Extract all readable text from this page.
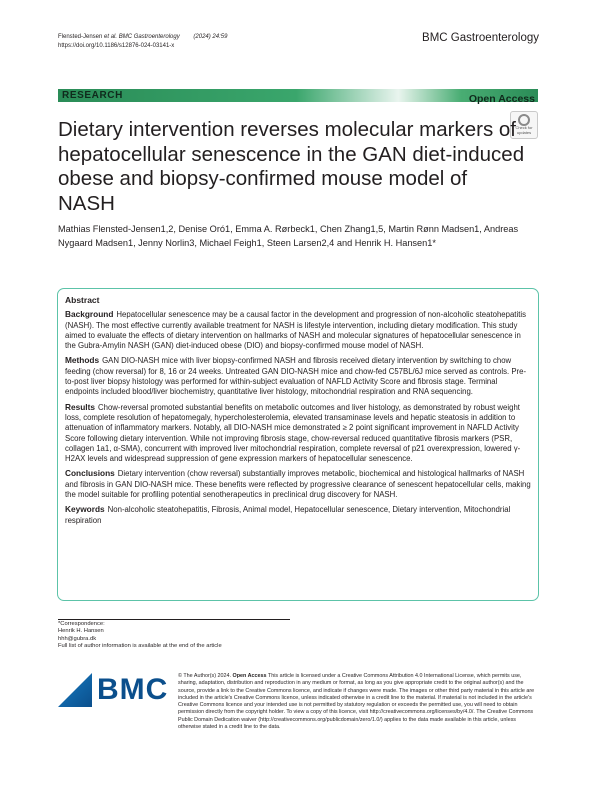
Flensted-Jensen et al. BMC Gastroenterology (2024) 24:59
https://doi.org/10.1186/s12876-024-03141-x
BMC Gastroenterology
RESEARCH	Open Access
Check for
updates
Dietary intervention reverses molecular markers of hepatocellular senescence in the GAN diet-induced obese and biopsy-confirmed mouse model of NASH
Mathias Flensted-Jensen1,2, Denise Oró1, Emma A. Rørbeck1, Chen Zhang1,5, Martin Rønn Madsen1, Andreas Nygaard Madsen1, Jenny Norlin3, Michael Feigh1, Steen Larsen2,4 and Henrik H. Hansen1*
Abstract

Background Hepatocellular senescence may be a causal factor in the development and progression of non-alcoholic steatohepatitis (NASH). The most effective currently available treatment for NASH is lifestyle intervention, including dietary modification. This study aimed to evaluate the effects of dietary intervention on hallmarks of NASH and molecular signatures of hepatocellular senescence in the Gubra-Amylin NASH (GAN) diet-induced obese (DIO) and biopsy-confirmed mouse model of NASH.

Methods GAN DIO-NASH mice with liver biopsy-confirmed NASH and fibrosis received dietary intervention by switching to chow feeding (chow reversal) for 8, 16 or 24 weeks. Untreated GAN DIO-NASH mice and chow-fed C57BL/6J mice served as controls. Pre-to-post liver biopsy histology was performed for within-subject evaluation of NAFLD Activity Score and fibrosis stage. Terminal endpoints included blood/liver biochemistry, quantitative liver histology, mitochondrial respiration and RNA sequencing.

Results Chow-reversal promoted substantial benefits on metabolic outcomes and liver histology, as demonstrated by robust weight loss, complete resolution of hepatomegaly, hypercholesterolemia, elevated transaminase levels and hepatic steatosis in addition to attenuation of inflammatory markers. Notably, all DIO-NASH mice demonstrated ≥ 2 point significant improvement in NAFLD Activity Score following dietary intervention. While not improving fibrosis stage, chow-reversal reduced quantitative fibrosis markers (PSR, collagen 1a1, α-SMA), concurrent with improved liver mitochondrial respiration, complete reversal of p21 overexpression, lowered γ-H2AX levels and widespread suppression of gene expression markers of hepatocellular senescence.

Conclusions Dietary intervention (chow reversal) substantially improves metabolic, biochemical and histological hallmarks of NASH and fibrosis in GAN DIO-NASH mice. These benefits were reflected by progressive clearance of senescent hepatocellular cells, making the model suitable for profiling potential senotherapeutics in preclinical drug discovery for NASH.

Keywords Non-alcoholic steatohepatitis, Fibrosis, Animal model, Hepatocellular senescence, Dietary intervention, Mitochondrial respiration

*Correspondence:
Henrik H. Hansen
hhh@gubra.dk
Full list of author information is available at the end of the article
BMC © The Author(s) 2024. Open Access This article is licensed under a Creative Commons Attribution 4.0 International License, which permits use, sharing, adaptation, distribution and reproduction in any medium or format, as long as you give appropriate credit to the original author(s) and the source, provide a link to the Creative Commons licence, and indicate if changes were made. The images or other third party material in this article are included in the article's Creative Commons licence, unless indicated otherwise in a credit line to the material. If material is not included in the article's Creative Commons licence and your intended use is not permitted by statutory regulation or exceeds the permitted use, you will need to obtain permission directly from the copyright holder. To view a copy of this licence, visit http://creativecommons.org/licenses/by/4.0/. The Creative Commons Public Domain Dedication waiver (http://creativecommons.org/publicdomain/zero/1.0/) applies to the data made available in this article, unless otherwise stated in a credit line to the data.
